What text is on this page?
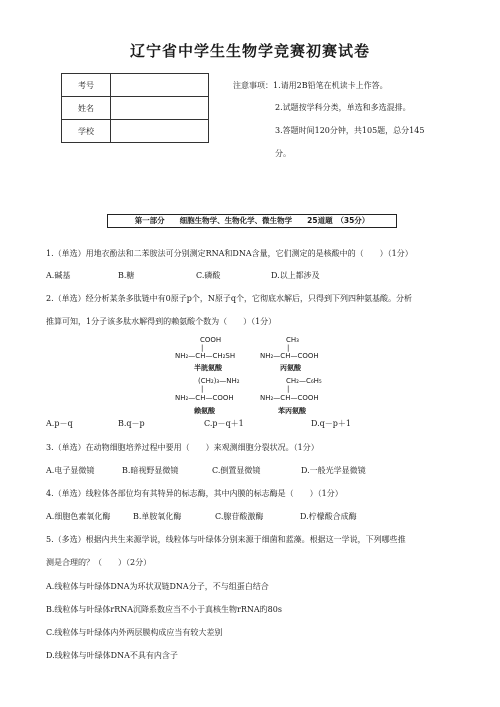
辽宁省中学生生物学竞赛初赛试卷
考号	
姓名	
学校	
注意事项：1.请用2B铅笔在机读卡上作答。
2.试题按学科分类，单选和多选混排。
3.答题时间120分钟，共105题，总分145
分。
第一部分　　细胞生物学、生物化学、微生物学　　25道题　（35分）
1.（单选）用地衣酚法和二苯胺法可分别测定RNA和DNA含量，它们测定的是核酸中的（　　）（1分）
A.碱基	B.糖	C.磷酸	D.以上都涉及
2.（单选）经分析某条多肽链中有0原子p个，N原子q个，它彻底水解后，只得到下列四种氨基酸。分析
推算可知，1分子该多肽水解得到的赖氨酸个数为（　　）（1分）
COOH
|
NH₂—CH—CH₂SH
半胱氨酸
CH₃
|
NH₂—CH—COOH
丙氨酸
(CH₂)₃—NH₂
|
NH₂—CH—COOH
赖氨酸
CH₂—C₆H₅
|
NH₂—CH—COOH
苯丙氨酸
A.p－q	B.q－p	C.p－q＋1	D.q－p＋1
3.（单选）在动物细胞培养过程中要用（　　）来观测细胞分裂状况。（1分）
A.电子显微镜	B.暗视野显微镜	C.倒置显微镜	D.一般光学显微镜
4.（单选）线粒体各部位均有其特异的标志酶，其中内膜的标志酶是（　　）（1分）
A.细胞色素氧化酶	B.单胺氧化酶	C.腺苷酸激酶	D.柠檬酸合成酶
5.（多选）根据内共生来源学说，线粒体与叶绿体分别来源于细菌和蓝藻。根据这一学说，下列哪些推
测是合理的？（　　）（2分）
A.线粒体与叶绿体DNA为环状双链DNA分子，不与组蛋白结合
B.线粒体与叶绿体rRNA沉降系数应当不小于真核生物rRNA旳80s
C.线粒体与叶绿体内外两层膜构成应当有较大差别
D.线粒体与叶绿体DNA不具有内含子
